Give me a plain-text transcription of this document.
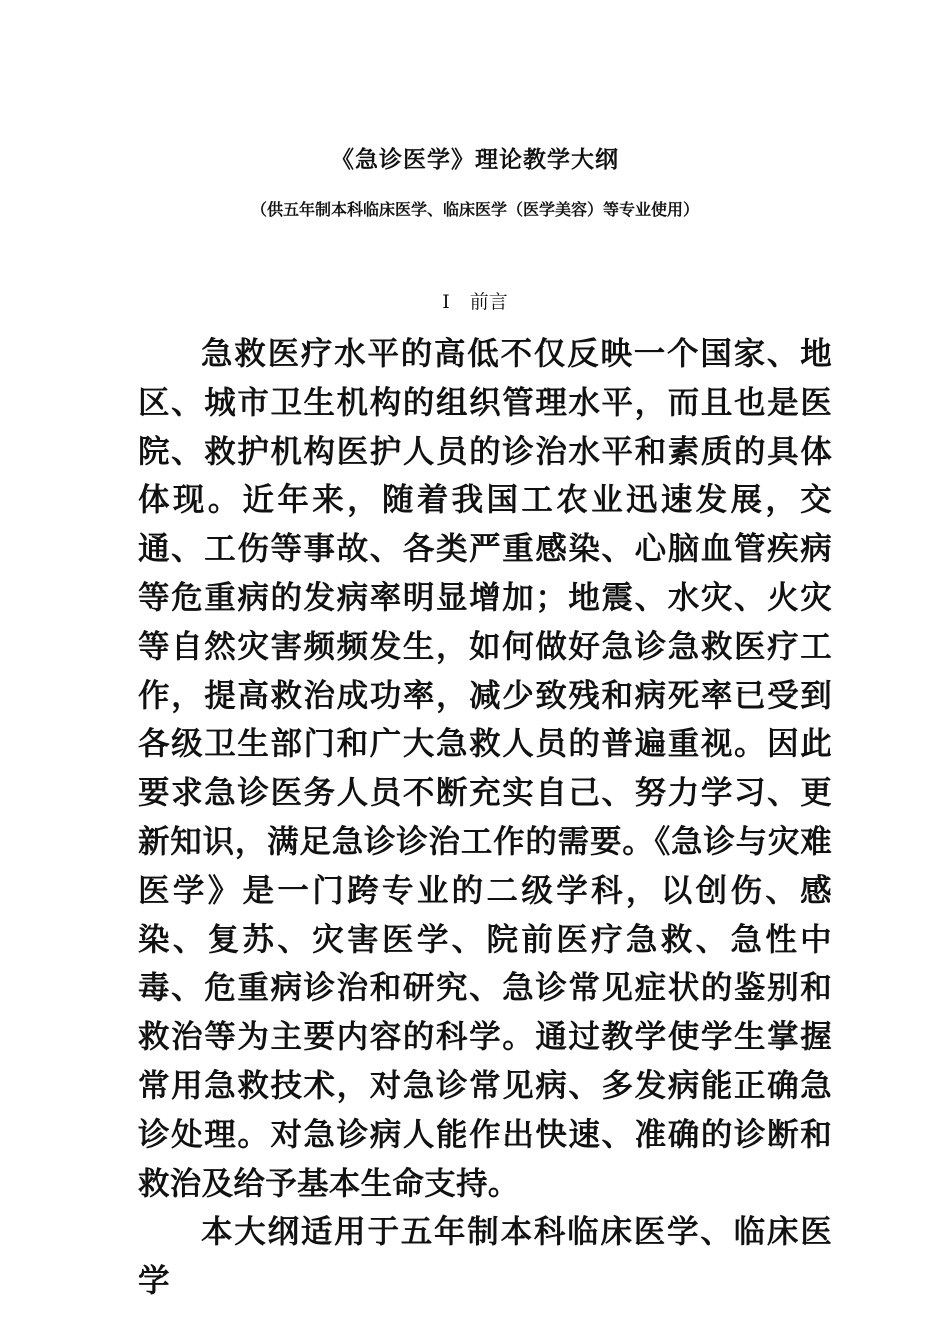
《急诊医学》理论教学大纲
（供五年制本科临床医学、临床医学（医学美容）等专业使用）
I 前言

急救医疗水平的高低不仅反映一个国家、地区、城市卫生机构的组织管理水平，而且也是医院、救护机构医护人员的诊治水平和素质的具体体现。近年来，随着我国工农业迅速发展，交通、工伤等事故、各类严重感染、心脑血管疾病等危重病的发病率明显增加；地震、水灾、火灾等自然灾害频频发生，如何做好急诊急救医疗工作，提高救治成功率，减少致残和病死率已受到各级卫生部门和广大急救人员的普遍重视。因此要求急诊医务人员不断充实自己、努力学习、更新知识，满足急诊诊治工作的需要。《急诊与灾难医学》是一门跨专业的二级学科，以创伤、感染、复苏、灾害医学、院前医疗急救、急性中毒、危重病诊治和研究、急诊常见症状的鉴别和救治等为主要内容的科学。通过教学使学生掌握常用急救技术，对急诊常见病、多发病能正确急诊处理。对急诊病人能作出快速、准确的诊断和救治及给予基本生命支持。

本大纲适用于五年制本科临床医学、临床医学
